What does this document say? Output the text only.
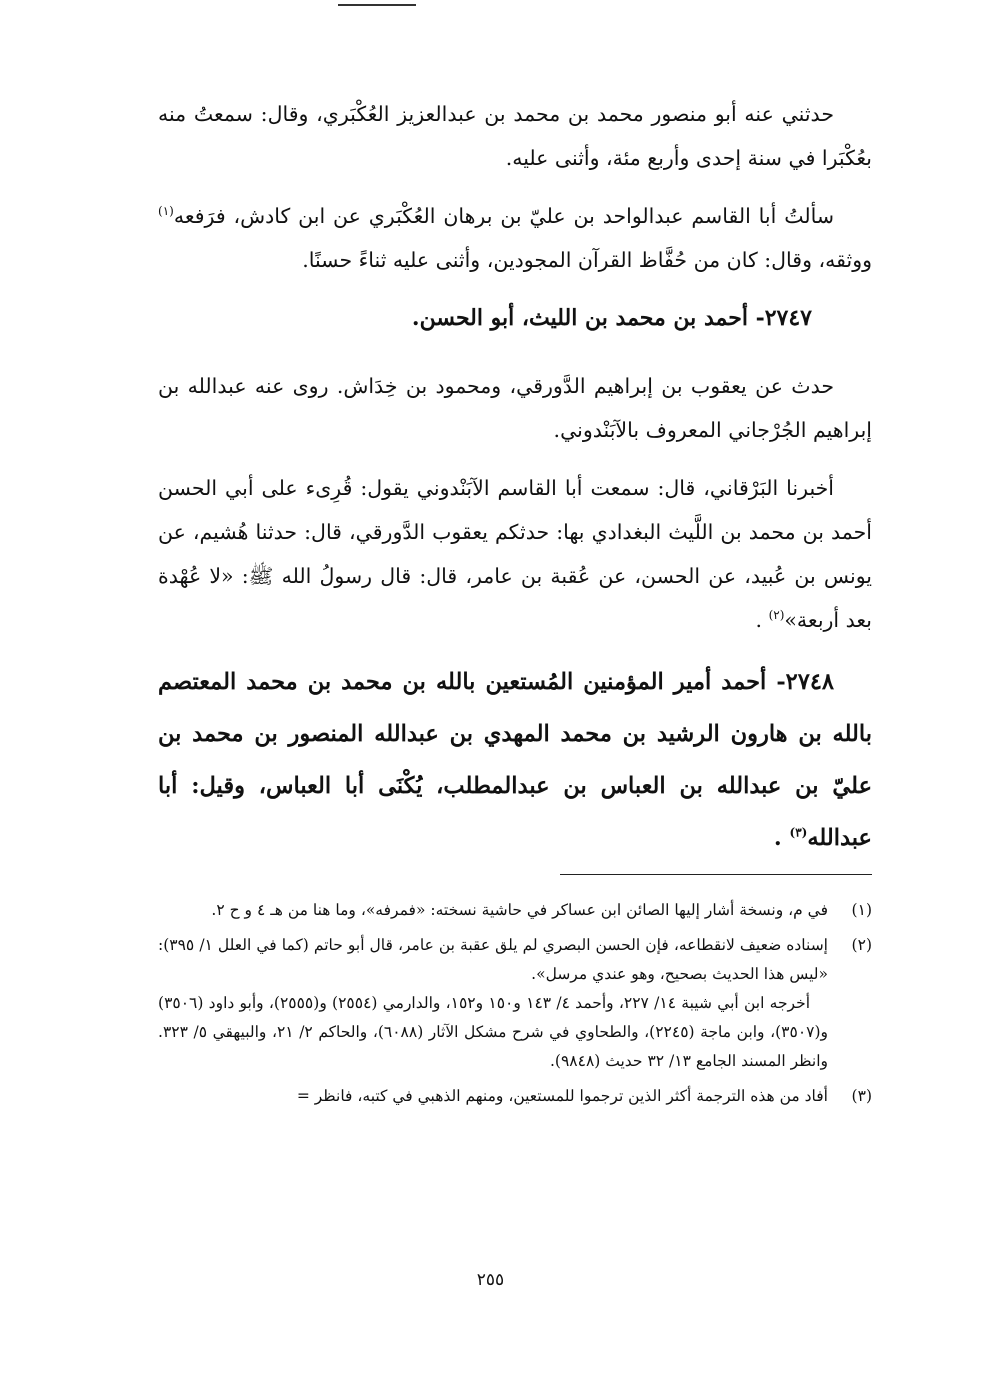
حدثني عنه أبو منصور محمد بن محمد بن عبدالعزيز العُكْبَري، وقال: سمعتُ منه بعُكْبَرا في سنة إحدى وأربع مئة، وأثنى عليه.

سألتُ أبا القاسم عبدالواحد بن عليّ بن برهان العُكْبَري عن ابن كادش، فرَفعه$^{(١)}$ ووثقه، وقال: كان من حُفَّاظ القرآن المجودين، وأثنى عليه ثناءً حسنًا.

٢٧٤٧- أحمد بن محمد بن الليث، أبو الحسن.

حدث عن يعقوب بن إبراهيم الدَّورقي، ومحمود بن خِدَاش. روى عنه عبدالله بن إبراهيم الجُرْجاني المعروف بالآبَنْدوني.

أخبرنا البَرْقاني، قال: سمعت أبا القاسم الآبَنْدوني يقول: قُرِىء على أبي الحسن أحمد بن محمد بن اللَّيث البغدادي بها: حدثكم يعقوب الدَّورقي، قال: حدثنا هُشيم، عن يونس بن عُبيد، عن الحسن، عن عُقبة بن عامر، قال: قال رسولُ الله ﷺ: «لا عُهْدة بعد أربعة»$^{(٢)}$ .

٢٧٤٨- أحمد أمير المؤمنين المُستعين بالله بن محمد بن محمد المعتصم بالله بن هارون الرشيد بن محمد المهدي بن عبدالله المنصور بن محمد بن عليّ بن عبدالله بن العباس بن عبدالمطلب، يُكْنَى أبا العباس، وقيل: أبا عبدالله$^{(٣)}$ .

(١)

في م، ونسخة أشار إليها الصائن ابن عساكر في حاشية نسخته: «فمرفه»، وما هنا من هـ ٤ و ح ٢.

(٢)

إسناده ضعيف لانقطاعه، فإن الحسن البصري لم يلق عقبة بن عامر، قال أبو حاتم (كما في العلل ١/ ٣٩٥): «ليس هذا الحديث بصحيح، وهو عندي مرسل».

أخرجه ابن أبي شيبة ١٤/ ٢٢٧، وأحمد ٤/ ١٤٣ و١٥٠ و١٥٢، والدارمي (٢٥٥٤) و(٢٥٥٥)، وأبو داود (٣٥٠٦) و(٣٥٠٧)، وابن ماجة (٢٢٤٥)، والطحاوي في شرح مشكل الآثار (٦٠٨٨)، والحاكم ٢/ ٢١، والبيهقي ٥/ ٣٢٣. وانظر المسند الجامع ١٣/ ٣٢ حديث (٩٨٤٨).

(٣)

أفاد من هذه الترجمة أكثر الذين ترجموا للمستعين، ومنهم الذهبي في كتبه، فانظر =

٢٥٥
